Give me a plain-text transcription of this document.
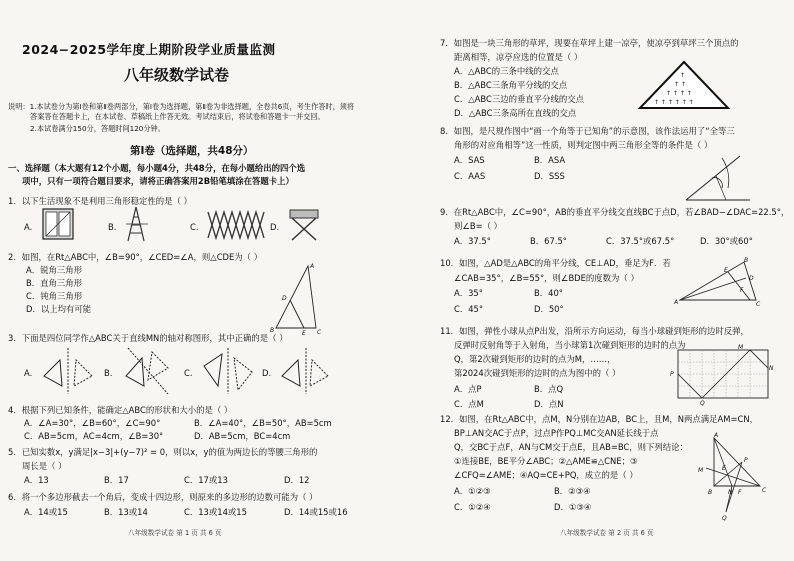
2024−2025学年度上期阶段学业质量监测
八年级数学试卷
说明：1.本试卷分为第Ⅰ卷和第Ⅱ卷两部分，第Ⅰ卷为选择题，第Ⅱ卷为非选择题，全卷共6页，考生作答时，须将
答案答在答题卡上，在本试卷、草稿纸上作答无效。考试结束后，将试卷和答题卡一并交回。
2.本试卷满分150分，答题时间120分钟。
第Ⅰ卷（选择题，共48分）
一、选择题（本大题有12个小题，每小题4分，共48分，在每小题给出的四个选
项中，只有一项符合题目要求，请将正确答案用2B铅笔填涂在答题卡上）
1．以下生活现象不是利用三角形稳定性的是（ ）
A.	B.	C.	D.
2．如图，在Rt△ABC中，∠B=90°，∠CED=∠A，则△CDE为（ ）
A．锐角三角形
B．直角三角形
C．钝角三角形
D．以上均有可能
A
D
B	E C
3．下面是四位同学作△ABC关于直线MN的轴对称图形，其中正确的是（ ）
A.	B.	C.	D.
4．根据下列已知条件，能确定△ABC的形状和大小的是（ ）
A．∠A=30°，∠B=60°，∠C=90°	B．∠A=40°，∠B=50°，AB=5cm
C．AB=5cm，AC=4cm，∠B=30°	D．AB=5cm，BC=4cm
5．已知实数x，y满足|x−3|+(y−7)² = 0，则以x，y的值为两边长的等腰三角形的
周长是（ ）
A．13	B．17	C．17或13	D．12
6．将一个多边形截去一个角后，变成十四边形，则原来的多边形的边数可能为（ ）
A．14或15	B．13或14	C．13或14或15	D．14或15或16
八年级数学试卷 第 1 页 共 6 页
7．如图是一块三角形的草坪，现要在草坪上建一凉亭，使凉亭到草坪三个顶点的
距离相等，凉亭应选的位置是（ ）
A．△ABC的三条中线的交点
B．△ABC三条角平分线的交点
C．△ABC三边的垂直平分线的交点
D．△ABC三条高所在直线的交点
↑
↑ ↑
↑ ↑ ↑ ↑
↑ ↑ ↑ ↑ ↑ ↑
8．如图，是尺规作图中“画一个角等于已知角”的示意图，该作法运用了“全等三
角形的对应角相等”这一性质，则判定图中两三角形全等的条件是（ ）
A．SAS	B．ASA
C．AAS	D．SSS
9．在Rt△ABC中，∠C=90°，AB的垂直平分线交直线BC于点D，若∠BAD−∠DAC=22.5°，
则∠B=（ ）
A．37.5°	B．67.5°	C．37.5°或67.5°	D．30°或60°
10．如图，△AD是△ABC的角平分线，CE⊥AD，垂足为F．若
∠CAB=35°，∠B=55°，则∠BDE的度数为（ ）
A．35°	B．40°
C．45°	D．50°
A
B
C
D
E
F
11．如图，弹性小球从点P出发，沿所示方向运动，每当小球碰到矩形的边时反弹，
反弹时反射角等于入射角，当小球第1次碰到矩形的边时的点为
Q，第2次碰到矩形的边时的点为M，……，
第2024次碰到矩形的边时的点为图中的（ ）
A．点P	B．点Q
C．点M	D．点N
M
N
P
Q
12．如图，在Rt△ABC中，点M，N分别在边AB，BC上，且M，N两点满足AM=CN，
BP⊥AN交AC于点P，过点P作PQ⊥MC交AN延长线于点
Q，交BC于点F，AN与CM交于点E，且AB=BC，则下列结论：
①连接BE，BE平分∠ABC；②△AME≌△CNE；③
∠CFQ=∠AME；④AQ=CE+PQ，成立的是（ ）
A．①②③	B．②③④
C．①②④	D．①③④
A
M	E
P
B	N F	C
Q
八年级数学试卷 第 2 页 共 6 页
